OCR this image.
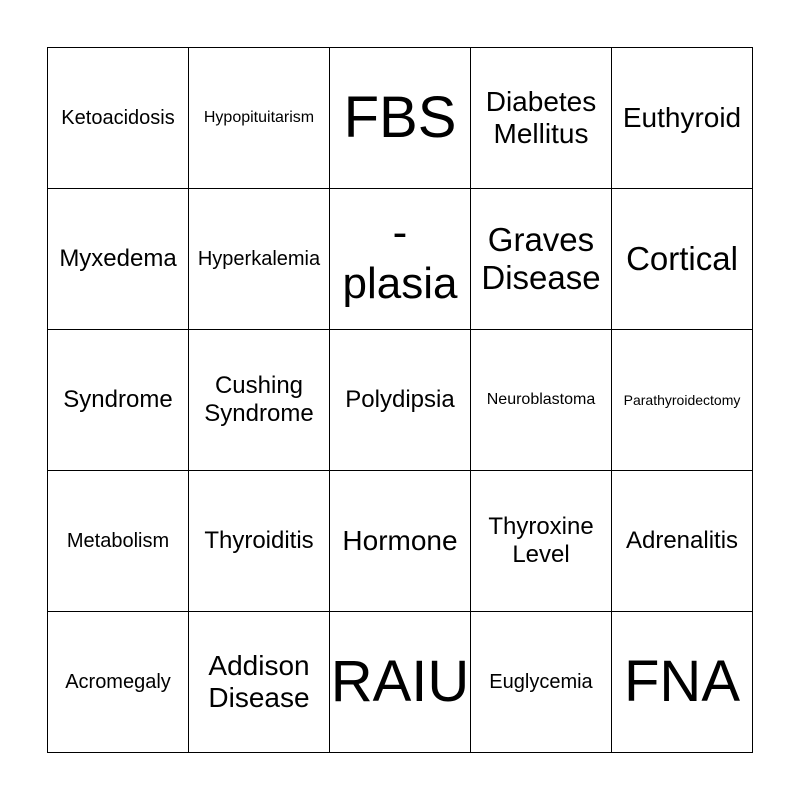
Ketoacidosis Hypopituitarism FBS Diabetes
Mellitus
Euthyroid
Myxedema Hyperkalemia
-
plasia
Graves
Disease
Cortical
Syndrome
Cushing
Syndrome
Polydipsia Neuroblastoma Parathyroidectomy
Metabolism Thyroiditis Hormone Thyroxine
Level
Adrenalitis
Acromegaly
Addison
Disease RAIU Euglycemia FNA
